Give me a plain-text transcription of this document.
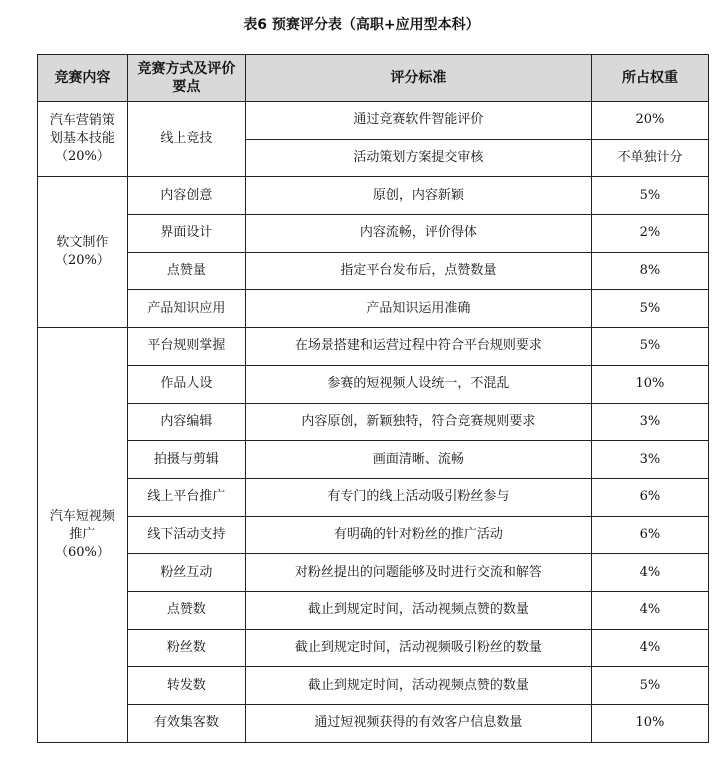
表6 预赛评分表（高职+应用型本科）
竞赛内容	竞赛方式及评价要点	评分标准	所占权重

汽车营销策
划基本技能
（20%）	线上竞技	通过竞赛软件智能评价	20%
		活动策划方案提交审核	不单独计分

软文制作
（20%）	内容创意	原创，内容新颖	5%
	界面设计	内容流畅，评价得体	2%
	点赞量	指定平台发布后，点赞数量	8%
	产品知识应用	产品知识运用准确	5%

汽车短视频
推广
（60%）	平台规则掌握	在场景搭建和运营过程中符合平台规则要求	5%
	作品人设	参赛的短视频人设统一，不混乱	10%
	内容编辑	内容原创，新颖独特，符合竞赛规则要求	3%
	拍摄与剪辑	画面清晰、流畅	3%
	线上平台推广	有专门的线上活动吸引粉丝参与	6%
	线下活动支持	有明确的针对粉丝的推广活动	6%
	粉丝互动	对粉丝提出的问题能够及时进行交流和解答	4%
	点赞数	截止到规定时间，活动视频点赞的数量	4%
	粉丝数	截止到规定时间，活动视频吸引粉丝的数量	4%
	转发数	截止到规定时间，活动视频点赞的数量	5%
	有效集客数	通过短视频获得的有效客户信息数量	10%
